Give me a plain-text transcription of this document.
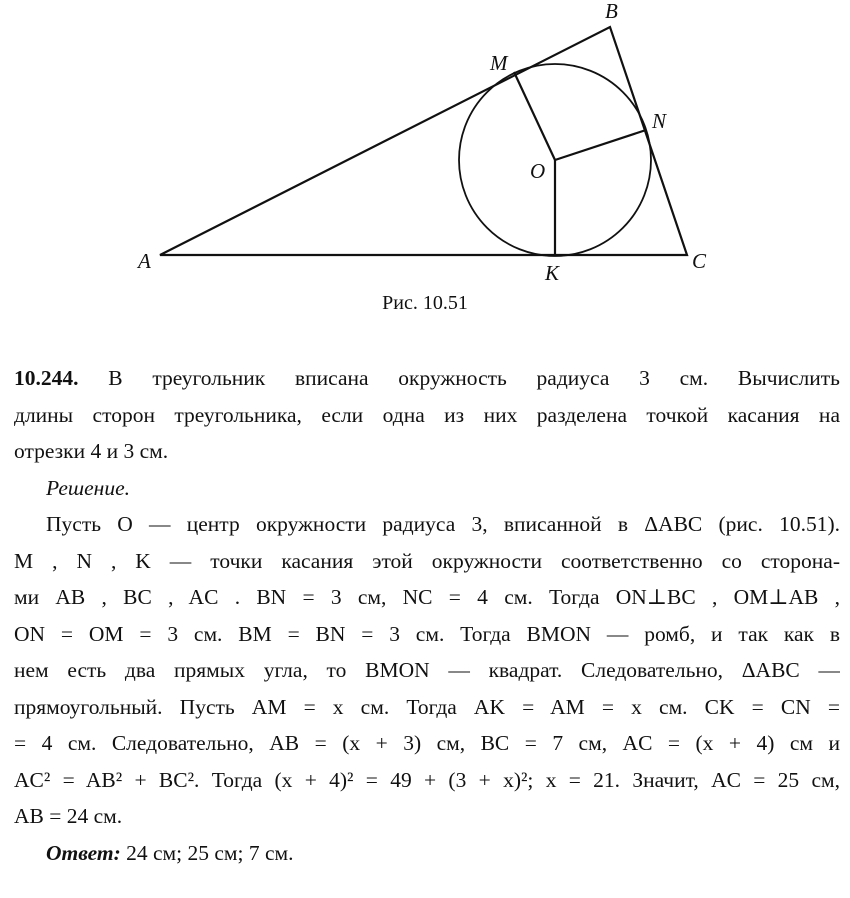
A
B
C
M
N
O
K
Рис. 10.51
10.244. В треугольник вписана окружность радиуса 3 см. Вычислить
длины сторон треугольника, если одна из них разделена точкой касания на
отрезки 4 и 3 см.
Решение.
Пусть O — центр окружности радиуса 3, вписанной в ΔABC (рис. 10.51).
M , N , K — точки касания этой окружности соответственно со сторона-
ми AB , BC , AC . BN = 3 см, NC = 4 см. Тогда ON⊥BC , OM⊥AB ,
ON = OM = 3 см. BM = BN = 3 см. Тогда BMON — ромб, и так как в
нем есть два прямых угла, то BMON — квадрат. Следовательно, ΔABC —
прямоугольный. Пусть AM = x см. Тогда AK = AM = x см. CK = CN =
= 4 см. Следовательно, AB = (x + 3) см, BC = 7 см, AC = (x + 4) см и
AC² = AB² + BC². Тогда (x + 4)² = 49 + (3 + x)²; x = 21. Значит, AC = 25 см,
AB = 24 см.
Ответ: 24 см; 25 см; 7 см.
